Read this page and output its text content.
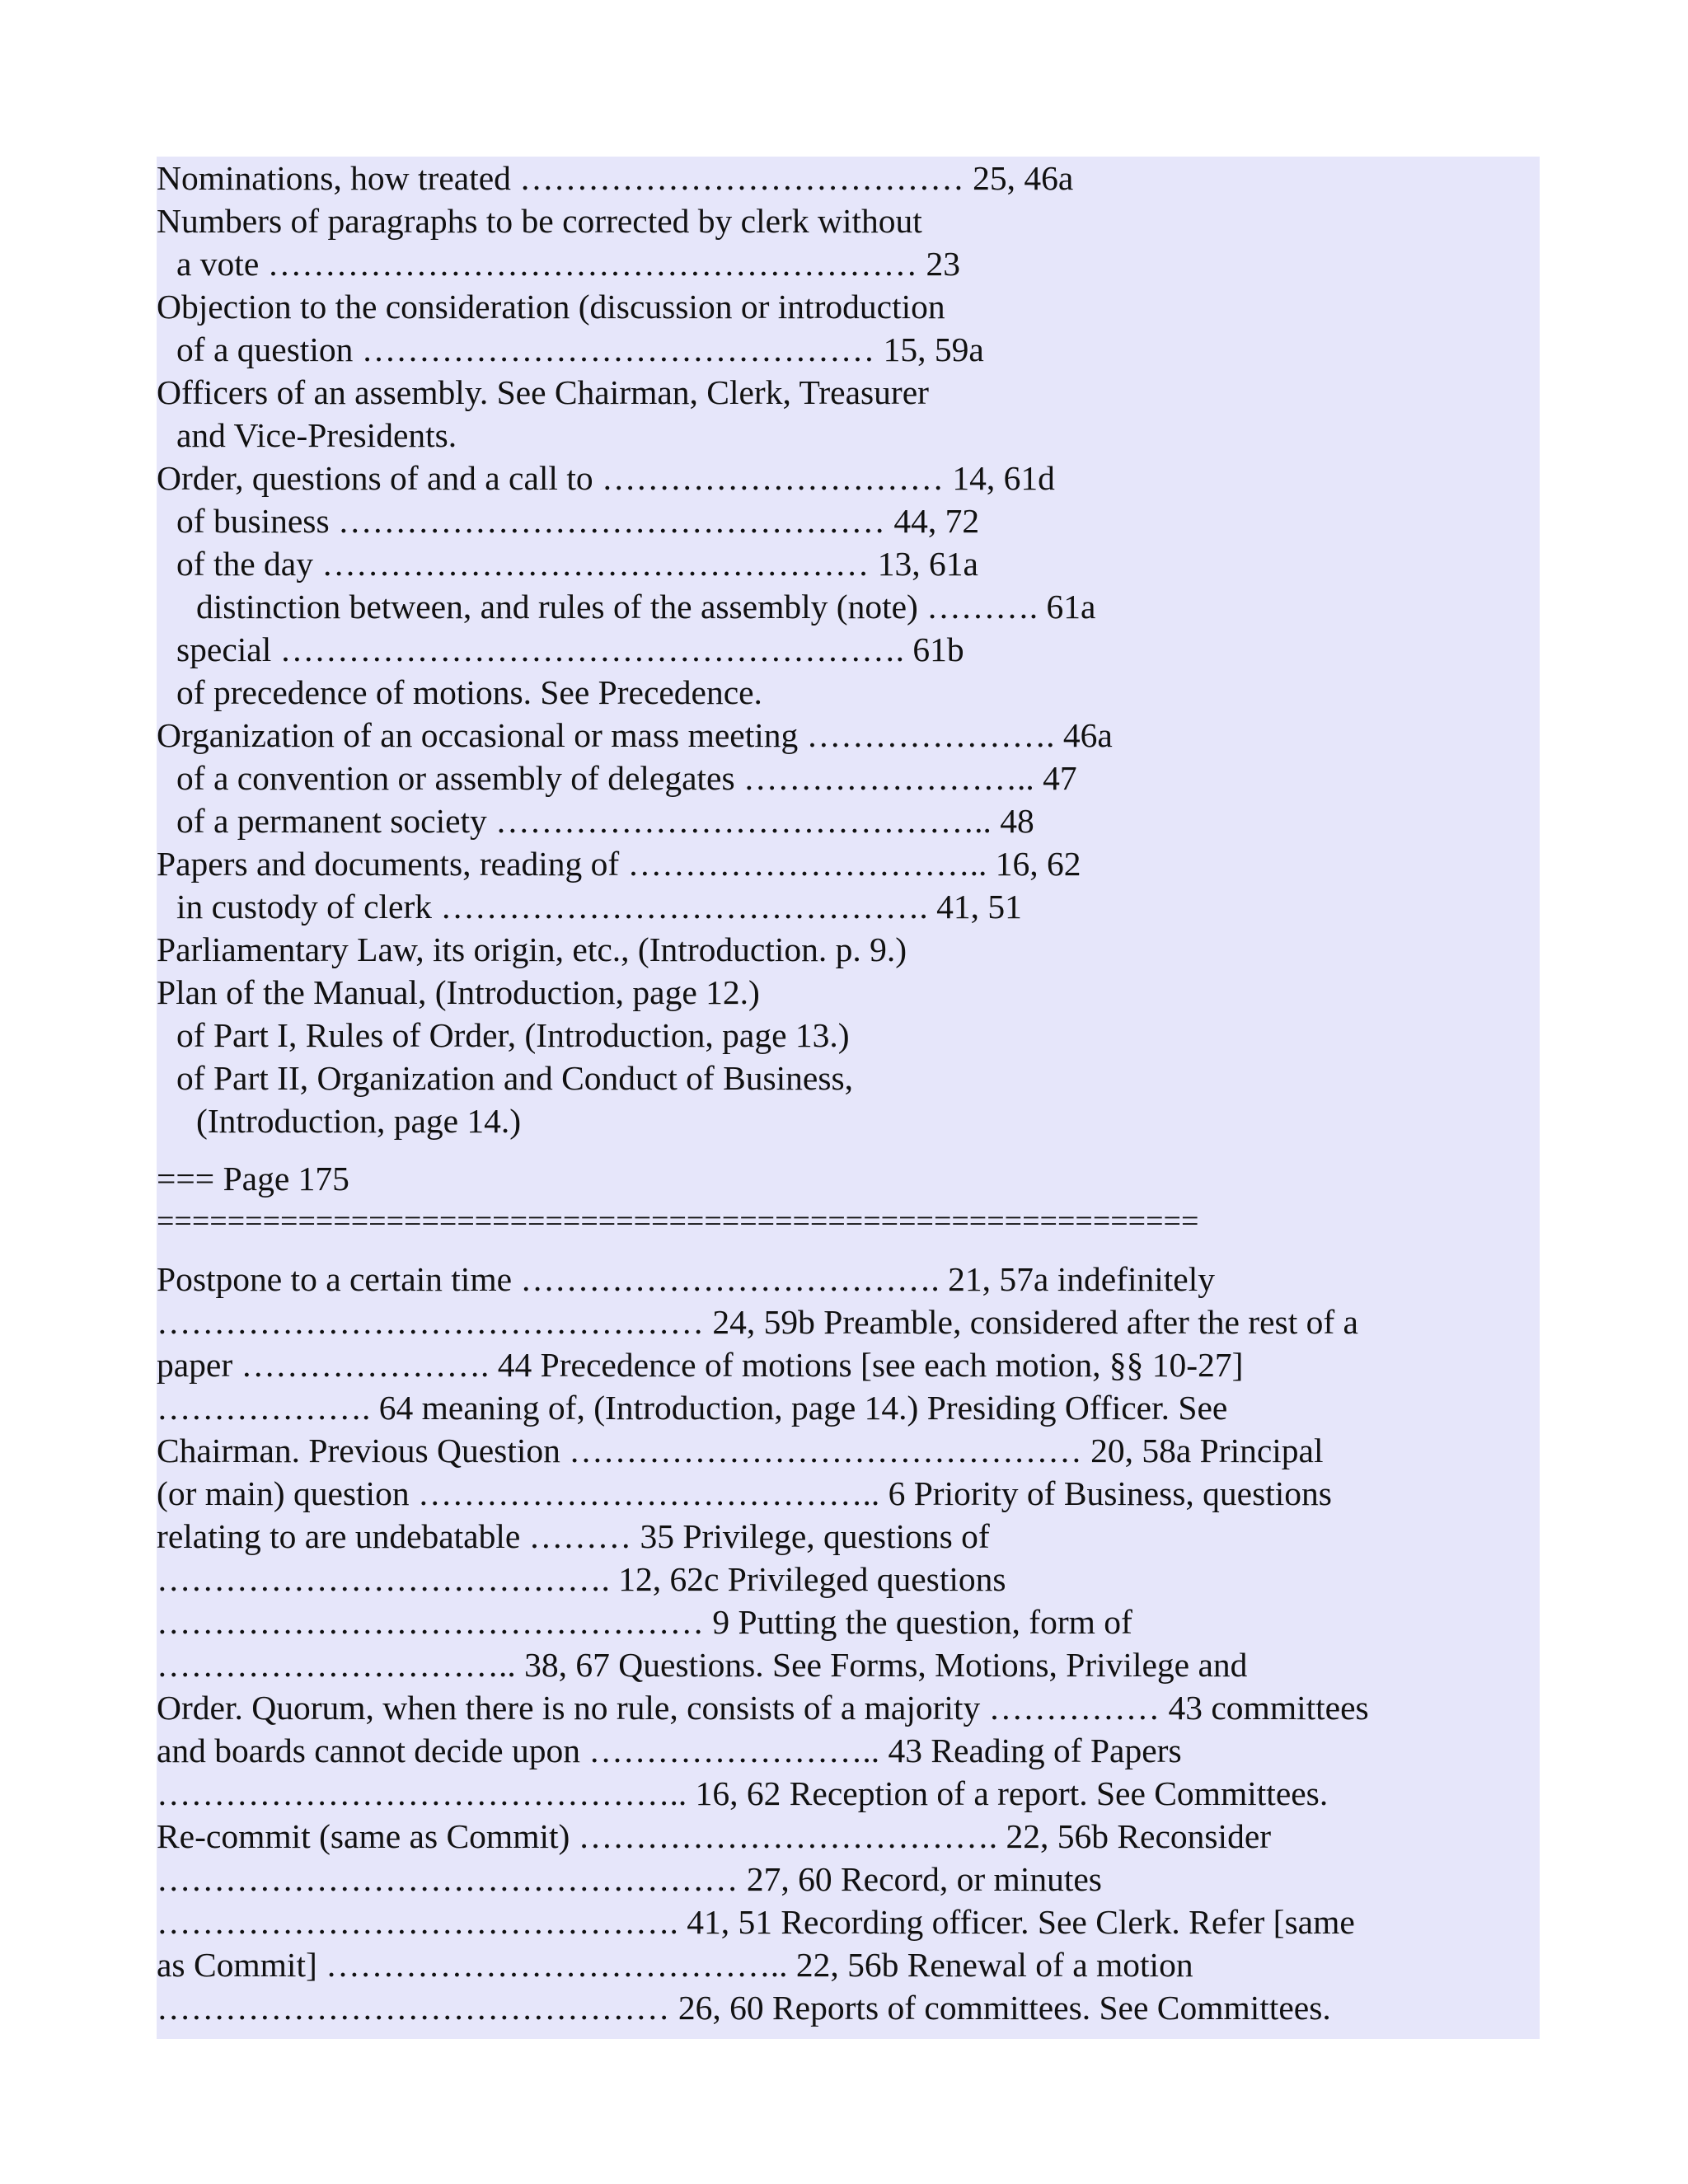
Nominations, how treated ………………………………… 25, 46a
Numbers of paragraphs to be corrected by clerk without
a vote ………………………………………………… 23
Objection to the consideration (discussion or introduction
of a question ……………………………………… 15, 59a
Officers of an assembly. See Chairman, Clerk, Treasurer
and Vice-Presidents.
Order, questions of and a call to ………………………… 14, 61d
of business ………………………………………… 44, 72
of the day ………………………………………… 13, 61a
distinction between, and rules of the assembly (note) ………. 61a
special ………………………………………………. 61b
of precedence of motions. See Precedence.
Organization of an occasional or mass meeting …………………. 46a
of a convention or assembly of delegates …………………….. 47
of a permanent society …………………………………….. 48
Papers and documents, reading of ………………………….. 16, 62
in custody of clerk ……………………………………. 41, 51
Parliamentary Law, its origin, etc., (Introduction. p. 9.)
Plan of the Manual, (Introduction, page 12.)
of Part I, Rules of Order, (Introduction, page 13.)
of Part II, Organization and Conduct of Business,
(Introduction, page 14.)
=== Page 175
===========================================================
Postpone to a certain time ………………………………. 21, 57a indefinitely
………………………………………… 24, 59b Preamble, considered after the rest of a
paper …………………. 44 Precedence of motions [see each motion, §§ 10-27]
………………. 64 meaning of, (Introduction, page 14.) Presiding Officer. See
Chairman. Previous Question ……………………………………… 20, 58a Principal
(or main) question ………………………………….. 6 Priority of Business, questions
relating to are undebatable ……… 35 Privilege, questions of
…………………………………. 12, 62c Privileged questions
………………………………………… 9 Putting the question, form of
………………………….. 38, 67 Questions. See Forms, Motions, Privilege and
Order. Quorum, when there is no rule, consists of a majority …………… 43 committees
and boards cannot decide upon …………………….. 43 Reading of Papers
……………………………………….. 16, 62 Reception of a report. See Committees.
Re-commit (same as Commit) ………………………………. 22, 56b Reconsider
…………………………………………… 27, 60 Record, or minutes
………………………………………. 41, 51 Recording officer. See Clerk. Refer [same
as Commit] ………………………………….. 22, 56b Renewal of a motion
……………………………………… 26, 60 Reports of committees. See Committees.
